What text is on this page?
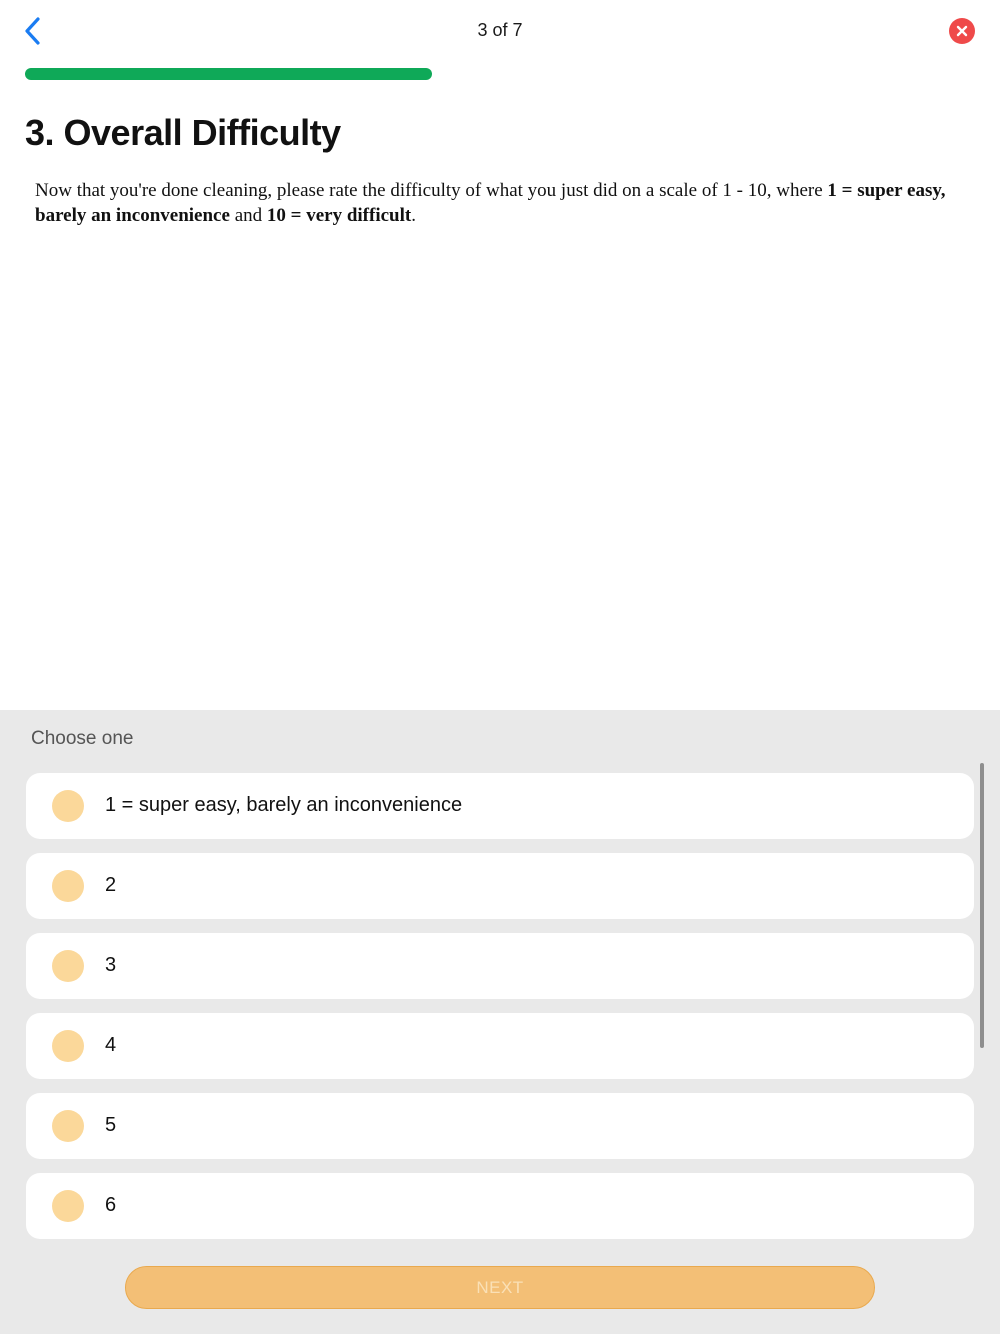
3 of 7
3. Overall Difficulty

Now that you're done cleaning, please rate the difficulty of what you just did on a scale of 1 - 10, where 1 = super easy, barely an inconvenience and 10 = very difficult.

Choose one
1 = super easy, barely an inconvenience
2
3
4
5
6
NEXT
